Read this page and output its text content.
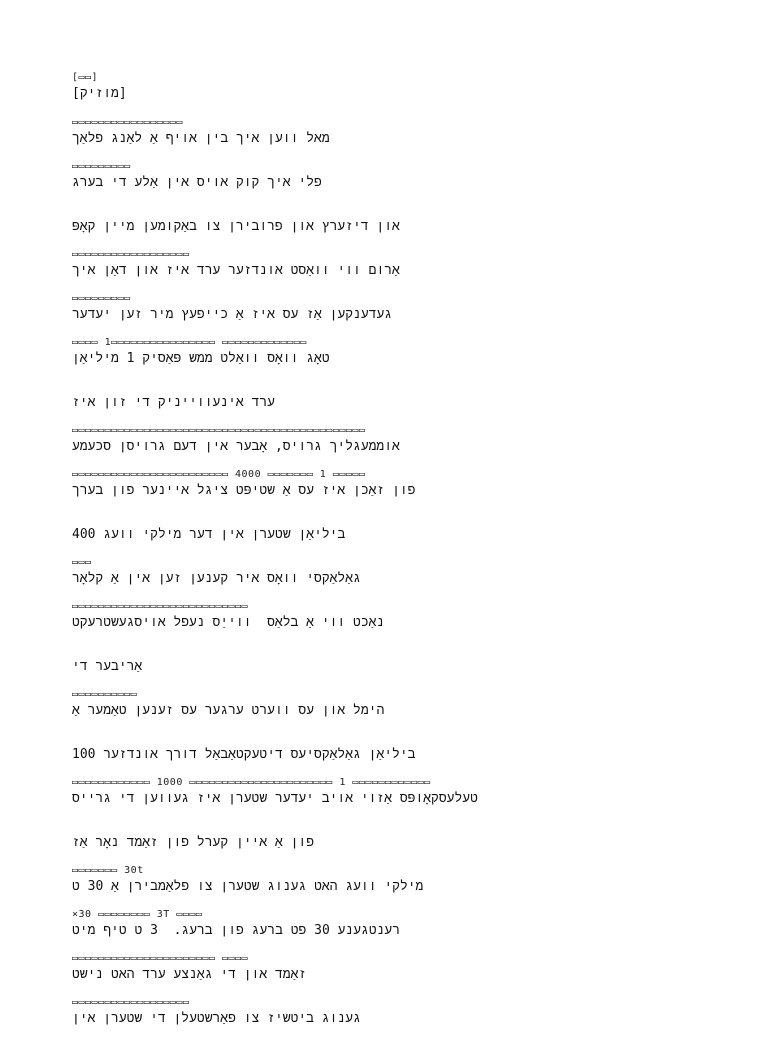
[▭▭]
[מוזיק]
▭▭▭▭▭▭▭▭▭▭▭▭▭▭▭▭▭
מאל ווען איך בין אויף אַ לאַנג פלאַך
▭▭▭▭▭▭▭▭▭
פלי איך קוק אויס אין אַלע די בערג
און דיזערץ און פרובירן צו באַקומען מיין קאָפּ
▭▭▭▭▭▭▭▭▭▭▭▭▭▭▭▭▭▭
אַרום ווי וואַסט אונדזער ערד איז און דאַן איך
▭▭▭▭▭▭▭▭▭
געדענקען אַז עס איז אַ כייפעץ מיר זען יעדער
▭▭▭▭ 1▭▭▭▭▭▭▭▭▭▭▭▭▭▭▭▭ ▭▭▭▭▭▭▭▭▭▭▭▭▭
טאָג וואָס וואַלט ממש פּאַסיק 1 מיליאַן
ערד אינעווייניק די זון איז
▭▭▭▭▭▭▭▭▭▭▭▭▭▭▭▭▭▭▭▭▭▭▭▭▭▭▭▭▭▭▭▭▭▭▭▭▭▭▭▭▭▭▭▭▭
אוממעגליך גרויס, אָבער אין דעם גרויסן סכעמע
▭▭▭▭▭▭▭▭▭▭▭▭▭▭▭▭▭▭▭▭▭▭▭▭ 4000 ▭▭▭▭▭▭▭ 1 ▭▭▭▭▭
פון זאַכן איז עס אַ שטיפּט ציגל איינער פון בערך
ביליאַן שטערן אין דער מילקי וועג 400
▭▭▭
גאַלאַקסי וואָס איר קענען זען אין אַ קלאָר
▭▭▭▭▭▭▭▭▭▭▭▭▭▭▭▭▭▭▭▭▭▭▭▭▭▭▭
נאַכט ווי אַ בלאַס  ווייַס נעפל אויסגעשטרעקט
אַריבער די
▭▭▭▭▭▭▭▭▭▭
הימל און עס ווערט ערגער עס זענען טאַמער אַ
ביליאַן גאַלאַקסיעס דיטעקטאַבאַל דורך אונדזער 100
▭▭▭▭▭▭▭▭▭▭▭▭ 1000 ▭▭▭▭▭▭▭▭▭▭▭▭▭▭▭▭▭▭▭▭▭▭ 1 ▭▭▭▭▭▭▭▭▭▭▭▭
טעלעסקאָופּס אַזוי אויב יעדער שטערן איז געווען די גרייס
פון אַ איין קערל פון זאַמד נאָר אַז
▭▭▭▭▭▭▭ 30t
מילקי וועג האט גענוג שטערן צו פלאַמבירן אַ 30 ט
×30 ▭▭▭▭▭▭▭▭ 3T ▭▭▭▭
רענטגענע 30 פט ברעג פון ברעג.  3 ט טיף מיט
▭▭▭▭▭▭▭▭▭▭▭▭▭▭▭▭▭▭▭▭▭▭ ▭▭▭▭
זאַמד און די גאַנצע ערד האט נישט
▭▭▭▭▭▭▭▭▭▭▭▭▭▭▭▭▭▭
גענוג ביטשיז צו פאַרשטעלן די שטערן אין
